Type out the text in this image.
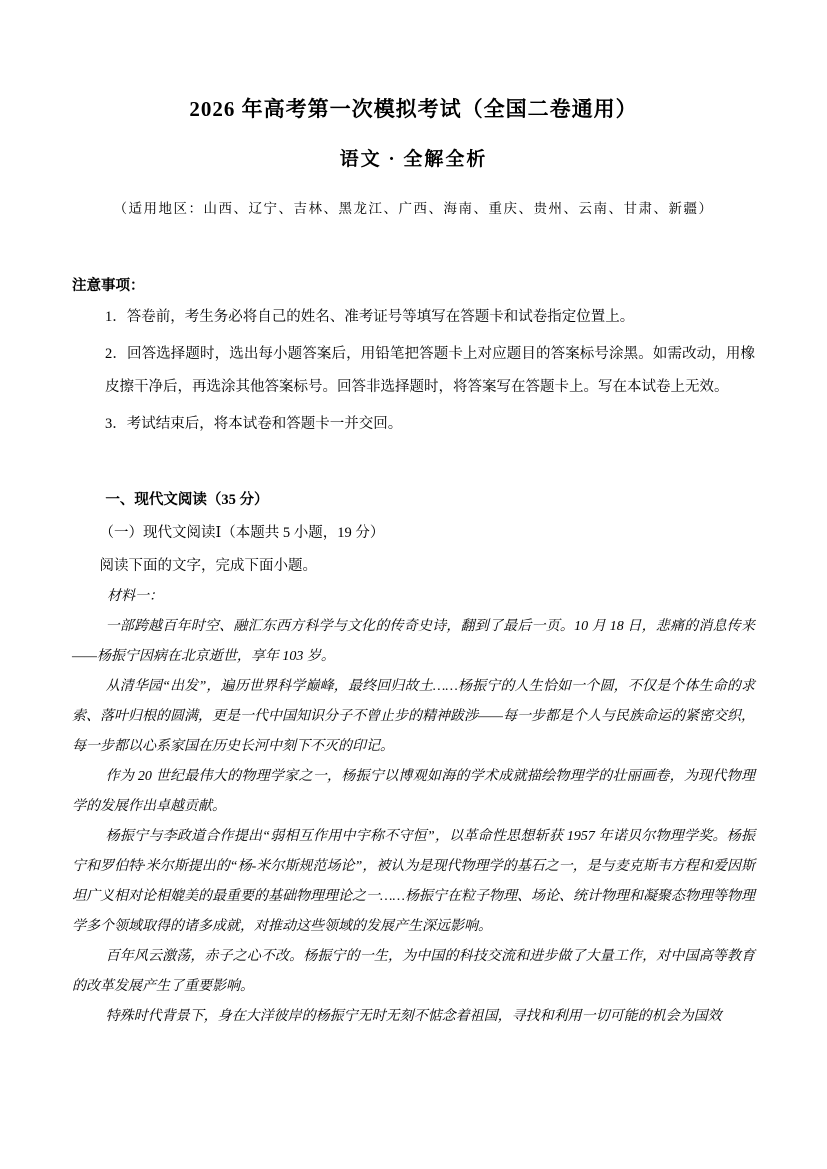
2026 年高考第一次模拟考试（全国二卷通用）
语文 · 全解全析
（适用地区：山西、辽宁、吉林、黑龙江、广西、海南、重庆、贵州、云南、甘肃、新疆）
注意事项：

1．答卷前，考生务必将自己的姓名、准考证号等填写在答题卡和试卷指定位置上。

2．回答选择题时，选出每小题答案后，用铅笔把答题卡上对应题目的答案标号涂黑。如需改动，用橡皮擦干净后，再选涂其他答案标号。回答非选择题时，将答案写在答题卡上。写在本试卷上无效。

3．考试结束后，将本试卷和答题卡一并交回。

一、现代文阅读（35 分）
（一）现代文阅读Ⅰ（本题共 5 小题，19 分）
阅读下面的文字，完成下面小题。
材料一：

一部跨越百年时空、融汇东西方科学与文化的传奇史诗，翻到了最后一页。10 月 18 日，悲痛的消息传来——杨振宁因病在北京逝世，享年 103 岁。

从清华园“出发”，遍历世界科学巅峰，最终回归故土……杨振宁的人生恰如一个圆，不仅是个体生命的求索、落叶归根的圆满，更是一代中国知识分子不曾止步的精神跋涉——每一步都是个人与民族命运的紧密交织，每一步都以心系家国在历史长河中刻下不灭的印记。

作为 20 世纪最伟大的物理学家之一，杨振宁以博观如海的学术成就描绘物理学的壮丽画卷，为现代物理学的发展作出卓越贡献。

杨振宁与李政道合作提出“弱相互作用中宇称不守恒”，以革命性思想斩获 1957 年诺贝尔物理学奖。杨振宁和罗伯特·米尔斯提出的“杨-米尔斯规范场论”，被认为是现代物理学的基石之一，是与麦克斯韦方程和爱因斯坦广义相对论相媲美的最重要的基础物理理论之一……杨振宁在粒子物理、场论、统计物理和凝聚态物理等物理学多个领域取得的诸多成就，对推动这些领域的发展产生深远影响。

百年风云激荡，赤子之心不改。杨振宁的一生，为中国的科技交流和进步做了大量工作，对中国高等教育的改革发展产生了重要影响。

特殊时代背景下，身在大洋彼岸的杨振宁无时无刻不惦念着祖国，寻找和利用一切可能的机会为国效
